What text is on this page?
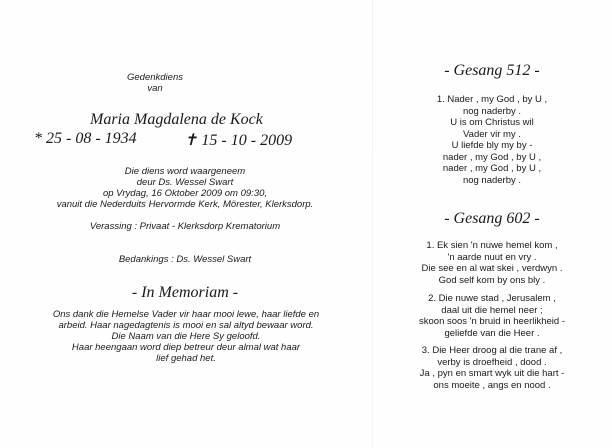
Gedenkdiens
van
Maria Magdalena de Kock
* 25 - 08 - 1934	✝ 15 - 10 - 2009
Die diens word waargeneem
deur Ds. Wessel Swart
op Vrydag, 16 Oktober 2009 om 09:30,
vanuit die Nederduits Hervormde Kerk, Mörester, Klerksdorp.
Verassing : Privaat - Klerksdorp Krematorium
Bedankings : Ds. Wessel Swart
- In Memoriam -
Ons dank die Hemelse Vader vir haar mooi lewe, haar liefde en
arbeid. Haar nagedagtenis is mooi en sal altyd bewaar word.
Die Naam van die Here Sy geloofd.
Haar heengaan word diep betreur deur almal wat haar
lief gehad het.
- Gesang 512 -
1. Nader , my God , by U ,
nog naderby .
U is om Christus wil
Vader vir my .
U liefde bly my by -
nader , my God , by U ,
nader , my God , by U ,
nog naderby .
- Gesang 602 -
1. Ek sien 'n nuwe hemel kom ,
'n aarde nuut en vry .
Die see en al wat skei , verdwyn .
God self kom by ons bly .
2. Die nuwe stad , Jerusalem ,
daal uit die hemel neer ;
skoon soos 'n bruid in heerlikheid -
geliefde van die Heer .
3. Die Heer droog al die trane af ,
verby is droefheid , dood .
Ja , pyn en smart wyk uit die hart -
ons moeite , angs en nood .
